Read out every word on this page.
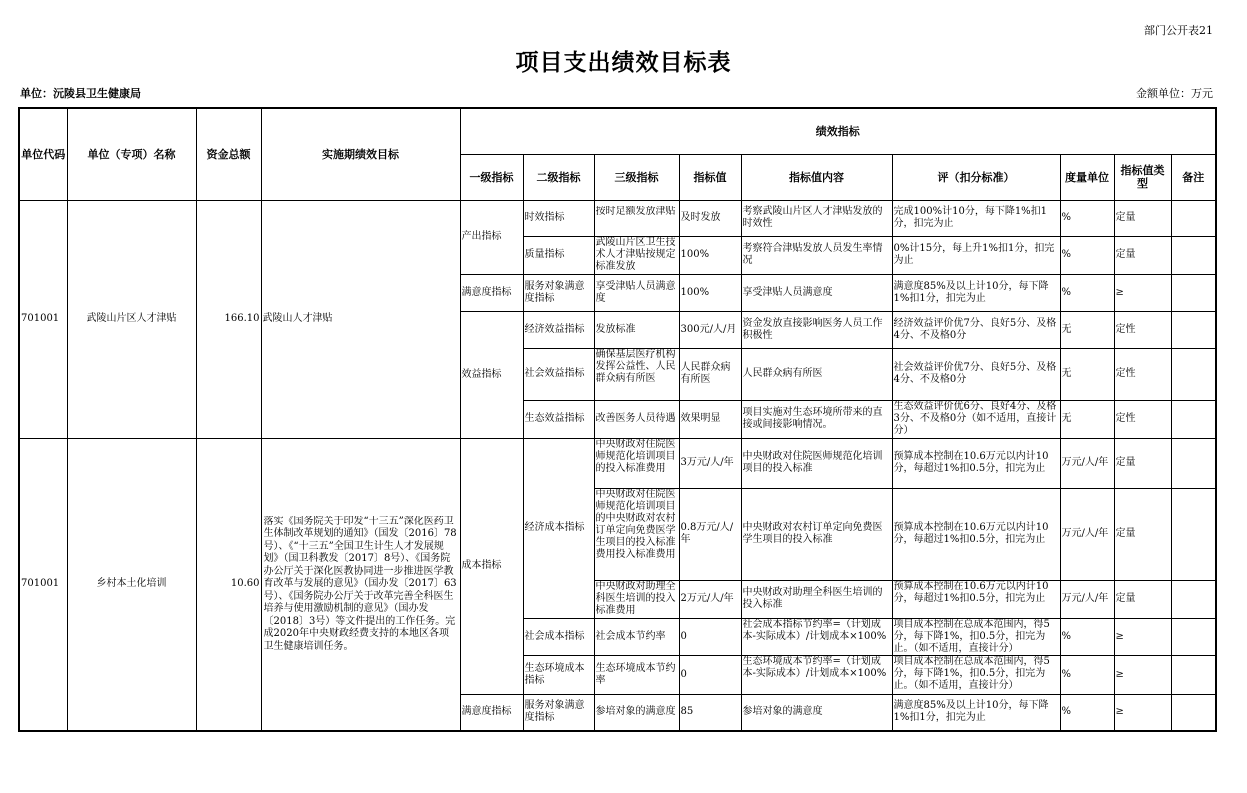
部门公开表21
项目支出绩效目标表
单位：沅陵县卫生健康局	金额单位：万元
单位代码	单位（专项）名称	资金总额	实施期绩效目标	绩效指标								
				一级指标	二级指标	三级指标	指标值	指标值内容	评（扣分标准）	度量单位	指标值类型	备注
701001	武陵山片区人才津贴	166.10	武陵山人才津贴	产出指标	时效指标	按时足额发放津贴	及时发放	考察武陵山片区人才津贴发放的时效性	完成100%计10分，每下降1%扣1分，扣完为止	%	定量	
					质量指标	武陵山片区卫生技术人才津贴按规定标准发放	100%	考察符合津贴发放人员发生率情况	0%计15分，每上升1%扣1分，扣完为止	%	定量	
				满意度指标	服务对象满意度指标	享受津贴人员满意度	100%	享受津贴人员满意度	满意度85%及以上计10分，每下降1%扣1分，扣完为止	%	≥	
				效益指标	经济效益指标	发放标准	300元/人/月	资金发放直接影响医务人员工作积极性	经济效益评价优7分、良好5分、及格4分、不及格0分	无	定性	
					社会效益指标	确保基层医疗机构发挥公益性、人民群众病有所医	人民群众病有所医	人民群众病有所医	社会效益评价优7分、良好5分、及格4分、不及格0分	无	定性	
					生态效益指标	改善医务人员待遇	效果明显	项目实施对生态环境所带来的直接或间接影响情况。	生态效益评价优6分、良好4分、及格3分、不及格0分（如不适用，直接计分）	无	定性	
701001	乡村本土化培训	10.60	落实《国务院关于印发“十三五”深化医药卫生体制改革规划的通知》（国发〔2016〕78号）、《“十三五”全国卫生计生人才发展规划》（国卫科教发〔2017〕8号）、《国务院办公厅关于深化医教协同进一步推进医学教育改革与发展的意见》（国办发〔2017〕63号）、《国务院办公厅关于改革完善全科医生培养与使用激励机制的意见》（国办发〔2018〕3号）等文件提出的工作任务。完成2020年中央财政经费支持的本地区各项卫生健康培训任务。	成本指标	经济成本指标	中央财政对住院医师规范化培训项目的投入标准费用	3万元/人/年	中央财政对住院医师规范化培训项目的投入标准	预算成本控制在10.6万元以内计10分，每超过1%扣0.5分，扣完为止	万元/人/年	定量	

						中央财政对住院医师规范化培训项目的中央财政对农村订单定向免费医学生项目的投入标准费用投入标准费用	0.8万元/人/年	中央财政对农村订单定向免费医学生项目的投入标准	预算成本控制在10.6万元以内计10分，每超过1%扣0.5分，扣完为止	万元/人/年	定量	

						中央财政对助理全科医生培训的投入标准费用	2万元/人/年	中央财政对助理全科医生培训的投入标准	预算成本控制在10.6万元以内计10分，每超过1%扣0.5分，扣完为止	万元/人/年	定量	
					社会成本指标	社会成本节约率	0	社会成本指标节约率=（计划成本-实际成本）/计划成本×100%	项目成本控制在总成本范围内，得5分，每下降1%，扣0.5分，扣完为止。（如不适用，直接计分）	%	≥	
					生态环境成本指标	生态环境成本节约率	0	生态环境成本节约率=（计划成本-实际成本）/计划成本×100%	项目成本控制在总成本范围内，得5分，每下降1%，扣0.5分，扣完为止。（如不适用，直接计分）	%	≥	
				满意度指标	服务对象满意度指标	参培对象的满意度	85	参培对象的满意度	满意度85%及以上计10分，每下降1%扣1分，扣完为止	%	≥	
